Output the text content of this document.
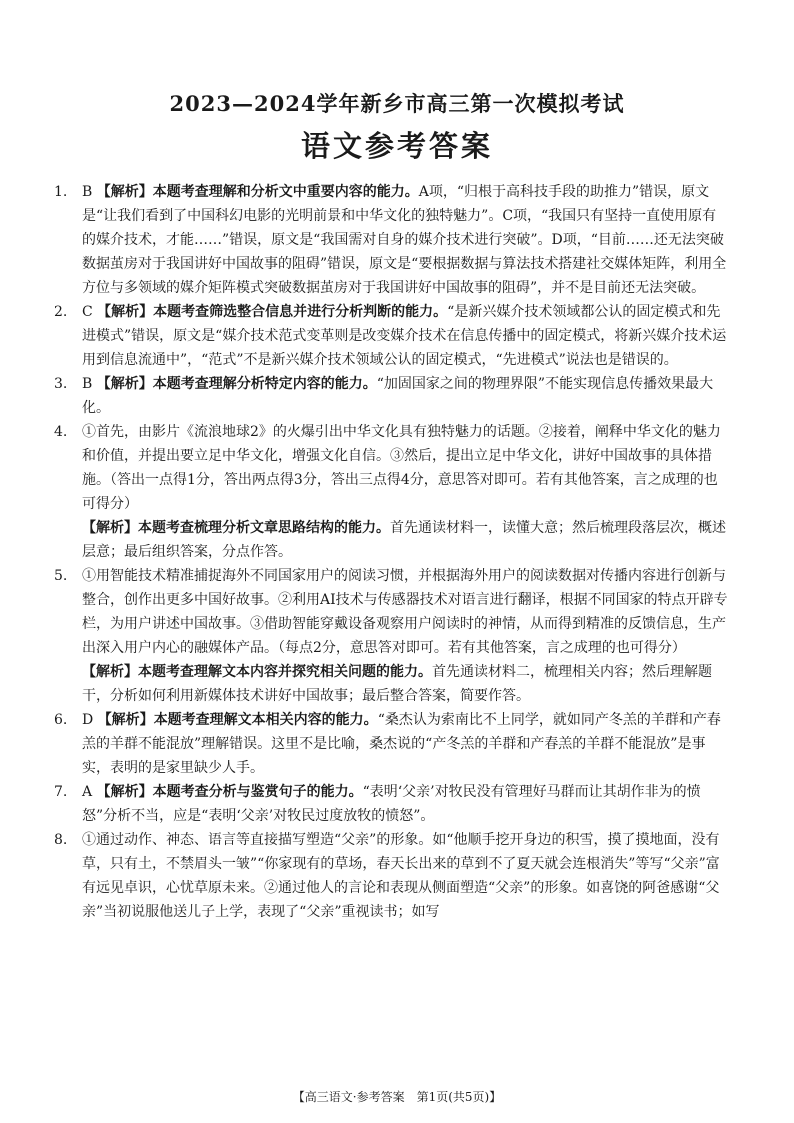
2023—2024学年新乡市高三第一次模拟考试
语文参考答案
1.	B 【解析】本题考查理解和分析文中重要内容的能力。A项，“归根于高科技手段的助推力”错误，原文是“让我们看到了中国科幻电影的光明前景和中华文化的独特魅力”。C项，“我国只有坚持一直使用原有的媒介技术，才能……”错误，原文是“我国需对自身的媒介技术进行突破”。D项，“目前……还无法突破数据茧房对于我国讲好中国故事的阻碍”错误，原文是“要根据数据与算法技术搭建社交媒体矩阵，利用全方位与多领域的媒介矩阵模式突破数据茧房对于我国讲好中国故事的阻碍”，并不是目前还无法突破。
2.	C 【解析】本题考查筛选整合信息并进行分析判断的能力。“是新兴媒介技术领域都公认的固定模式和先进模式”错误，原文是“媒介技术范式变革则是改变媒介技术在信息传播中的固定模式，将新兴媒介技术运用到信息流通中”，“范式”不是新兴媒介技术领域公认的固定模式，“先进模式”说法也是错误的。
3.	B 【解析】本题考查理解分析特定内容的能力。“加固国家之间的物理界限”不能实现信息传播效果最大化。
4.	①首先，由影片《流浪地球2》的火爆引出中华文化具有独特魅力的话题。②接着，阐释中华文化的魅力和价值，并提出要立足中华文化，增强文化自信。③然后，提出立足中华文化，讲好中国故事的具体措施。（答出一点得1分，答出两点得3分，答出三点得4分，意思答对即可。若有其他答案，言之成理的也可得分）
【解析】本题考查梳理分析文章思路结构的能力。首先通读材料一，读懂大意；然后梳理段落层次，概述层意；最后组织答案，分点作答。
5.	①用智能技术精准捕捉海外不同国家用户的阅读习惯，并根据海外用户的阅读数据对传播内容进行创新与整合，创作出更多中国好故事。②利用AI技术与传感器技术对语言进行翻译，根据不同国家的特点开辟专栏，为用户讲述中国故事。③借助智能穿戴设备观察用户阅读时的神情，从而得到精准的反馈信息，生产出深入用户内心的融媒体产品。（每点2分，意思答对即可。若有其他答案，言之成理的也可得分）
【解析】本题考查理解文本内容并探究相关问题的能力。首先通读材料二，梳理相关内容；然后理解题干，分析如何利用新媒体技术讲好中国故事；最后整合答案，简要作答。
6.	D 【解析】本题考查理解文本相关内容的能力。“桑杰认为索南比不上同学，就如同产冬羔的羊群和产春羔的羊群不能混放”理解错误。这里不是比喻，桑杰说的“产冬羔的羊群和产春羔的羊群不能混放”是事实，表明的是家里缺少人手。
7.	A 【解析】本题考查分析与鉴赏句子的能力。“表明‘父亲’对牧民没有管理好马群而让其胡作非为的愤怒”分析不当，应是“表明‘父亲’对牧民过度放牧的愤怒”。
8.	①通过动作、神态、语言等直接描写塑造“父亲”的形象。如“他顺手挖开身边的积雪，摸了摸地面，没有草，只有土，不禁眉头一皱”“你家现有的草场，春天长出来的草到不了夏天就会连根消失”等写“父亲”富有远见卓识，心忧草原未来。②通过他人的言论和表现从侧面塑造“父亲”的形象。如喜饶的阿爸感谢“父亲”当初说服他送儿子上学，表现了“父亲”重视读书；如写
【高三语文·参考答案　第1页(共5页)】
